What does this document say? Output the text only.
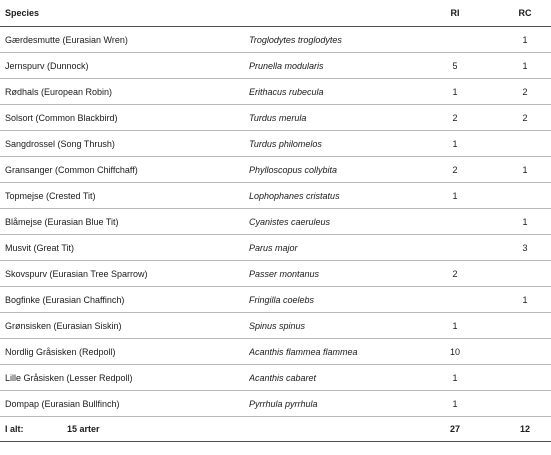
Species		RI	RC
Gærdesmutte (Eurasian Wren)	Troglodytes troglodytes		1
Jernspurv (Dunnock)	Prunella modularis	5	1
Rødhals (European Robin)	Erithacus rubecula	1	2
Solsort (Common Blackbird)	Turdus merula	2	2
Sangdrossel (Song Thrush)	Turdus philomelos	1	
Gransanger (Common Chiffchaff)	Phylloscopus collybita	2	1
Topmejse (Crested Tit)	Lophophanes cristatus	1	
Blåmejse (Eurasian Blue Tit)	Cyanistes caeruleus		1
Musvit (Great Tit)	Parus major		3
Skovspurv (Eurasian Tree Sparrow)	Passer montanus	2	
Bogfinke (Eurasian Chaffinch)	Fringilla coelebs		1
Grønsisken (Eurasian Siskin)	Spinus spinus	1	
Nordlig Gråsisken (Redpoll)	Acanthis flammea flammea	10	
Lille Gråsisken (Lesser Redpoll)	Acanthis cabaret	1	
Dompap (Eurasian Bullfinch)	Pyrrhula pyrrhula	1	
I alt: 15 arter		27	12
